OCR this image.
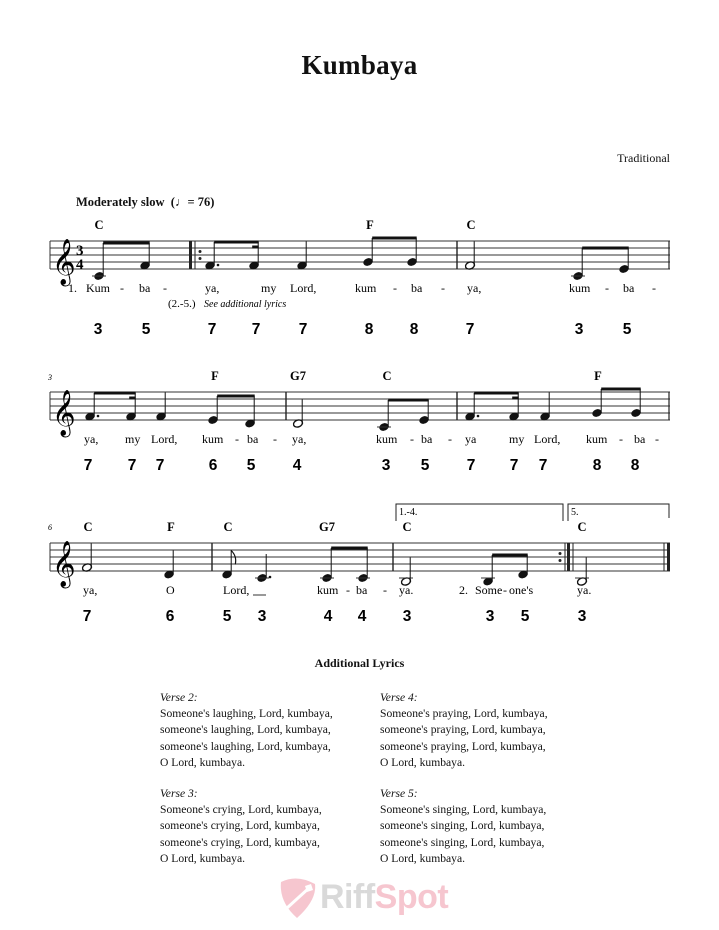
Kumbaya
Traditional
Moderately slow  (♩= 76)
𝄞
𝄞
𝄞
3
4
1.-4.	5.
C	F	C
1. Kum - ba -	ya,	my Lord,	kum - ba - ya,	kum - ba -
3	5	7 7 7	8 8	7	3	5
3	F	G7	C	F
ya, my Lord, kum - ba - ya,	kum - ba - ya	my Lord, kum - ba -
7 7 7	6 5 4	3 5 7 7 7	8 8
6	C	F	C	G7	C	C
ya,	O	Lord,	kum - ba - ya.	2. Some - one's	ya.
7	6	5 3	4 4 3	3 5	3
(2.-5.) See additional lyrics
Additional Lyrics
Verse 2:
Someone's laughing, Lord, kumbaya,
someone's laughing, Lord, kumbaya,
someone's laughing, Lord, kumbaya,
O Lord, kumbaya.
Verse 3:
Someone's crying, Lord, kumbaya,
someone's crying, Lord, kumbaya,
someone's crying, Lord, kumbaya,
O Lord, kumbaya.
Verse 4:
Someone's praying, Lord, kumbaya,
someone's praying, Lord, kumbaya,
someone's praying, Lord, kumbaya,
O Lord, kumbaya.
Verse 5:
Someone's singing, Lord, kumbaya,
someone's singing, Lord, kumbaya,
someone's singing, Lord, kumbaya,
O Lord, kumbaya.
RiffSpot
